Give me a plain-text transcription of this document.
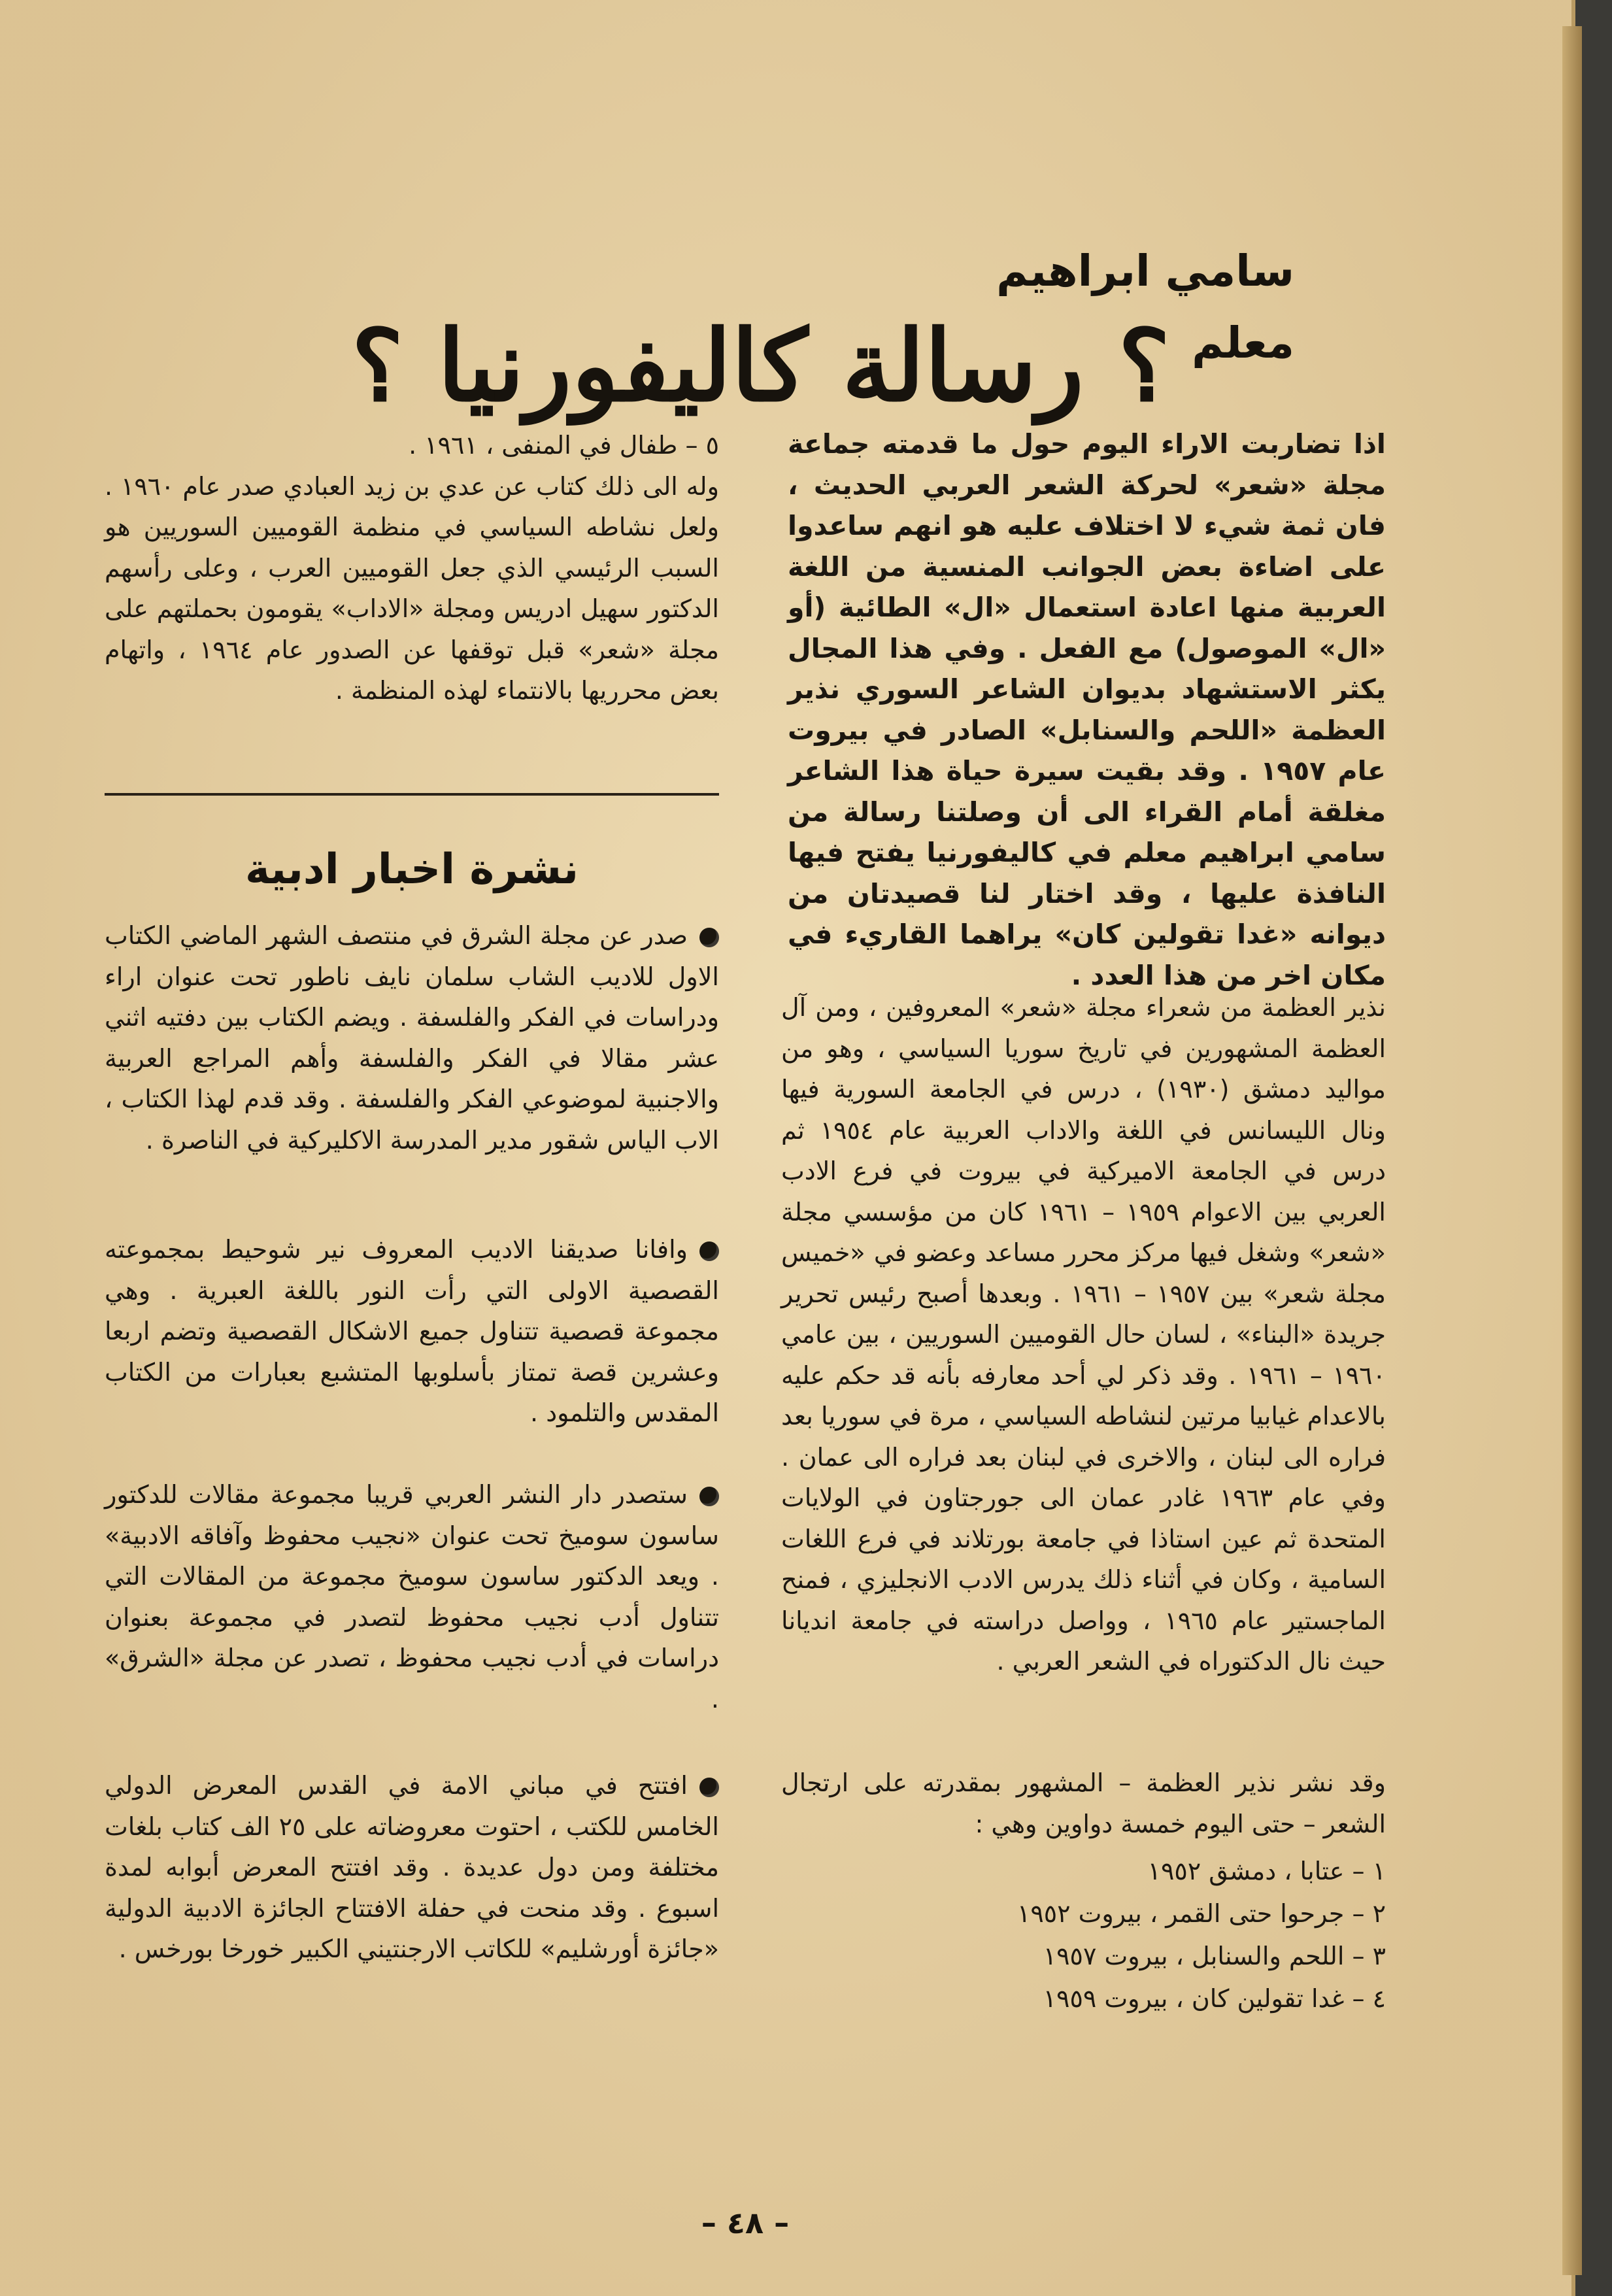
سامي ابراهيم معلم
؟ رسالة كاليفورنيا ؟
اذا تضاربت الاراء اليوم حول ما قدمته جماعة مجلة «شعر» لحركة الشعر العربي الحديث ، فان ثمة شيء لا اختلاف عليه هو انهم ساعدوا على اضاءة بعض الجوانب المنسية من اللغة العربية منها اعادة استعمال «ال» الطائية (أو «ال» الموصول) مع الفعل . وفي هذا المجال يكثر الاستشهاد بديوان الشاعر السوري نذير العظمة «اللحم والسنابل» الصادر في بيروت عام ١٩٥٧ . وقد بقيت سيرة حياة هذا الشاعر مغلقة أمام القراء الى أن وصلتنا رسالة من سامي ابراهيم معلم في كاليفورنيا يفتح فيها النافذة عليها ، وقد اختار لنا قصيدتان من ديوانه «غدا تقولين كان» يراهما القاريء في مكان اخر من هذا العدد .
نذير العظمة من شعراء مجلة «شعر» المعروفين ، ومن آل العظمة المشهورين في تاريخ سوريا السياسي ، وهو من مواليد دمشق (١٩٣٠) ، درس في الجامعة السورية فيها ونال الليسانس في اللغة والاداب العربية عام ١٩٥٤ ثم درس في الجامعة الاميركية في بيروت في فرع الادب العربي بين الاعوام ١٩٥٩ – ١٩٦١ كان من مؤسسي مجلة «شعر» وشغل فيها مركز محرر مساعد وعضو في «خميس مجلة شعر» بين ١٩٥٧ – ١٩٦١ . وبعدها أصبح رئيس تحرير جريدة «البناء» ، لسان حال القوميين السوريين ، بين عامي ١٩٦٠ – ١٩٦١ . وقد ذكر لي أحد معارفه بأنه قد حكم عليه بالاعدام غيابيا مرتين لنشاطه السياسي ، مرة في سوريا بعد فراره الى لبنان ، والاخرى في لبنان بعد فراره الى عمان . وفي عام ١٩٦٣ غادر عمان الى جورجتاون في الولايات المتحدة ثم عين استاذا في جامعة بورتلاند في فرع اللغات السامية ، وكان في أثناء ذلك يدرس الادب الانجليزي ، فمنح الماجستير عام ١٩٦٥ ، وواصل دراسته في جامعة انديانا حيث نال الدكتوراه في الشعر العربي .
وقد نشر نذير العظمة – المشهور بمقدرته على ارتجال الشعر – حتى اليوم خمسة دواوين وهي :
١ – عتابا ، دمشق ١٩٥٢
٢ – جرحوا حتى القمر ، بيروت ١٩٥٢
٣ – اللحم والسنابل ، بيروت ١٩٥٧
٤ – غدا تقولين كان ، بيروت ١٩٥٩
٥ – طفال في المنفى ، ١٩٦١ .
وله الى ذلك كتاب عن عدي بن زيد العبادي صدر عام ١٩٦٠ . ولعل نشاطه السياسي في منظمة القوميين السوريين هو السبب الرئيسي الذي جعل القوميين العرب ، وعلى رأسهم الدكتور سهيل ادريس ومجلة «الاداب» يقومون بحملتهم على مجلة «شعر» قبل توقفها عن الصدور عام ١٩٦٤ ، واتهام بعض محرريها بالانتماء لهذه المنظمة .
نشرة اخبار ادبية
صدر عن مجلة الشرق في منتصف الشهر الماضي الكتاب الاول للاديب الشاب سلمان نايف ناطور تحت عنوان اراء ودراسات في الفكر والفلسفة . ويضم الكتاب بين دفتيه اثني عشر مقالا في الفكر والفلسفة وأهم المراجع العربية والاجنبية لموضوعي الفكر والفلسفة . وقد قدم لهذا الكتاب ، الاب الياس شقور مدير المدرسة الاكليركية في الناصرة .
وافانا صديقنا الاديب المعروف نير شوحيط بمجموعته القصصية الاولى التي رأت النور باللغة العبرية . وهي مجموعة قصصية تتناول جميع الاشكال القصصية وتضم اربعا وعشرين قصة تمتاز بأسلوبها المتشبع بعبارات من الكتاب المقدس والتلمود .
ستصدر دار النشر العربي قريبا مجموعة مقالات للدكتور ساسون سوميخ تحت عنوان «نجيب محفوظ وآفاقه الادبية» . ويعد الدكتور ساسون سوميخ مجموعة من المقالات التي تتناول أدب نجيب محفوظ لتصدر في مجموعة بعنوان دراسات في أدب نجيب محفوظ ، تصدر عن مجلة «الشرق» .
افتتح في مباني الامة في القدس المعرض الدولي الخامس للكتب ، احتوت معروضاته على ٢٥ الف كتاب بلغات مختلفة ومن دول عديدة . وقد افتتح المعرض أبوابه لمدة اسبوع . وقد منحت في حفلة الافتتاح الجائزة الادبية الدولية «جائزة أورشليم» للكاتب الارجنتيني الكبير خورخا بورخس .
– ٤٨ –
